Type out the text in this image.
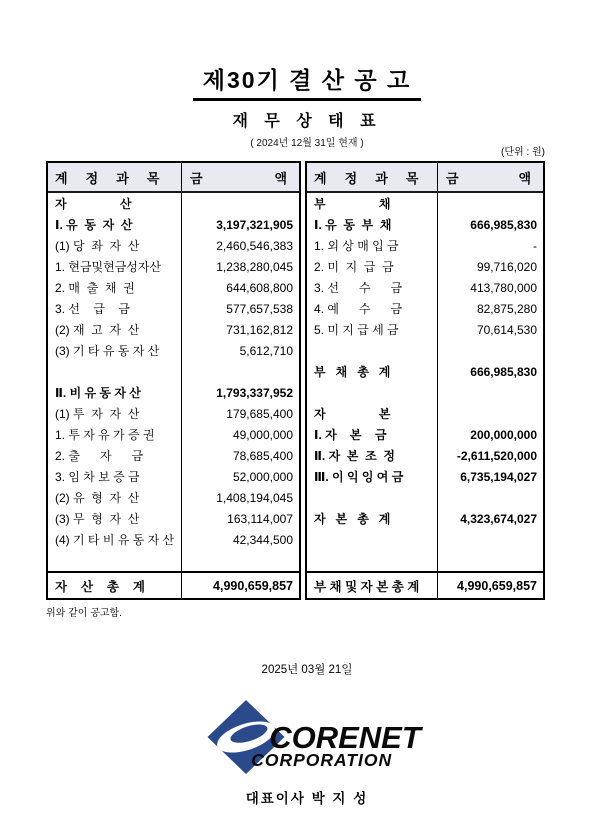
제30기 결 산 공 고
재 무 상 태 표
( 2024년 12월 31일 현재 )
(단위 : 원)
계     정     과     목	금	액
자                산
Ⅰ. 유  동  자  산	3,197,321,905
(1) 당  좌  자  산	2,460,546,383
1. 현금및현금성자산	1,238,280,045
2. 매  출  채  권	644,608,800
3. 선    급    금	577,657,538
(2) 재  고  자  산	731,162,812
(3) 기 타 유 동 자 산	5,612,710
Ⅱ. 비 유 동 자 산	1,793,337,952
(1) 투  자  자  산	179,685,400
1. 투 자 유 가 증 권	49,000,000
2. 출      자      금	78,685,400
3. 임 차 보 증 금	52,000,000
(2) 유  형  자  산	1,408,194,045
(3) 무  형  자  산	163,114,007
(4) 기 타 비 유 동 자 산	42,344,500
자    산    총    계	4,990,659,857
계     정     과     목	금	액
부                채
Ⅰ. 유  동  부  채	666,985,830
1. 외 상 매 입 금	-
2. 미  지  급  금	99,716,020
3. 선      수      금	413,780,000
4. 예      수      금	82,875,280
5. 미 지 급 세 금	70,614,530
부   채   총   계	666,985,830
자                본
Ⅰ. 자    본    금	200,000,000
Ⅱ. 자  본  조  정	-2,611,520,000
Ⅲ. 이 익 잉 여 금	6,735,194,027
자   본   총   계	4,323,674,027
부 채 및 자 본 총 계	4,990,659,857
위와 같이 공고함.
2025년 03월 21일
CORENET
CORPORATION
대표이사 박 지 성
